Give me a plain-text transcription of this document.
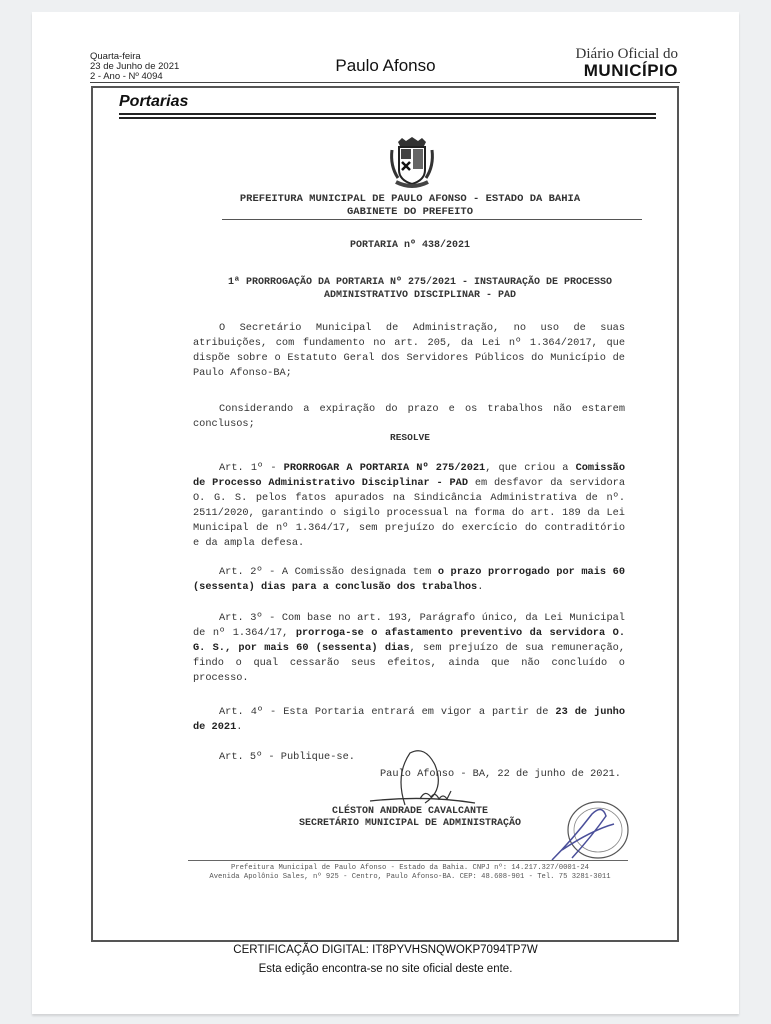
Quarta-feira
23 de Junho de 2021
2 - Ano - Nº 4094
Paulo Afonso
Diário Oficial do
MUNICÍPIO
Portarias
PREFEITURA MUNICIPAL DE PAULO AFONSO - ESTADO DA BAHIA
GABINETE DO PREFEITO
PORTARIA nº 438/2021
1ª PRORROGAÇÃO DA PORTARIA Nº 275/2021 - INSTAURAÇÃO DE PROCESSO
ADMINISTRATIVO DISCIPLINAR - PAD
O Secretário Municipal de Administração, no uso de suas atribuições, com fundamento no art. 205, da Lei nº 1.364/2017, que dispõe sobre o Estatuto Geral dos Servidores Públicos do Município de Paulo Afonso-BA;
Considerando a expiração do prazo e os trabalhos não estarem conclusos;
RESOLVE
Art. 1º - PRORROGAR A PORTARIA Nº 275/2021, que criou a Comissão de Processo Administrativo Disciplinar - PAD em desfavor da servidora O. G. S. pelos fatos apurados na Sindicância Administrativa de nº. 2511/2020, garantindo o sigilo processual na forma do art. 189 da Lei Municipal de nº 1.364/17, sem prejuízo do exercício do contraditório e da ampla defesa.
Art. 2º - A Comissão designada tem o prazo prorrogado por mais 60 (sessenta) dias para a conclusão dos trabalhos.
Art. 3º - Com base no art. 193, Parágrafo único, da Lei Municipal de nº 1.364/17, prorroga-se o afastamento preventivo da servidora O. G. S., por mais 60 (sessenta) dias, sem prejuízo de sua remuneração, findo o qual cessarão seus efeitos, ainda que não concluído o processo.
Art. 4º - Esta Portaria entrará em vigor a partir de 23 de junho de 2021.
Art. 5º - Publique-se.
Paulo Afonso - BA, 22 de junho de 2021.
CLÉSTON ANDRADE CAVALCANTE
SECRETÁRIO MUNICIPAL DE ADMINISTRAÇÃO
Prefeitura Municipal de Paulo Afonso - Estado da Bahia. CNPJ nº: 14.217.327/0001-24
Avenida Apolônio Sales, nº 925 - Centro, Paulo Afonso-BA. CEP: 48.608-901 - Tel. 75 3281-3011
CERTIFICAÇÃO DIGITAL: IT8PYVHSNQWOKP7094TP7W
Esta edição encontra-se no site oficial deste ente.
